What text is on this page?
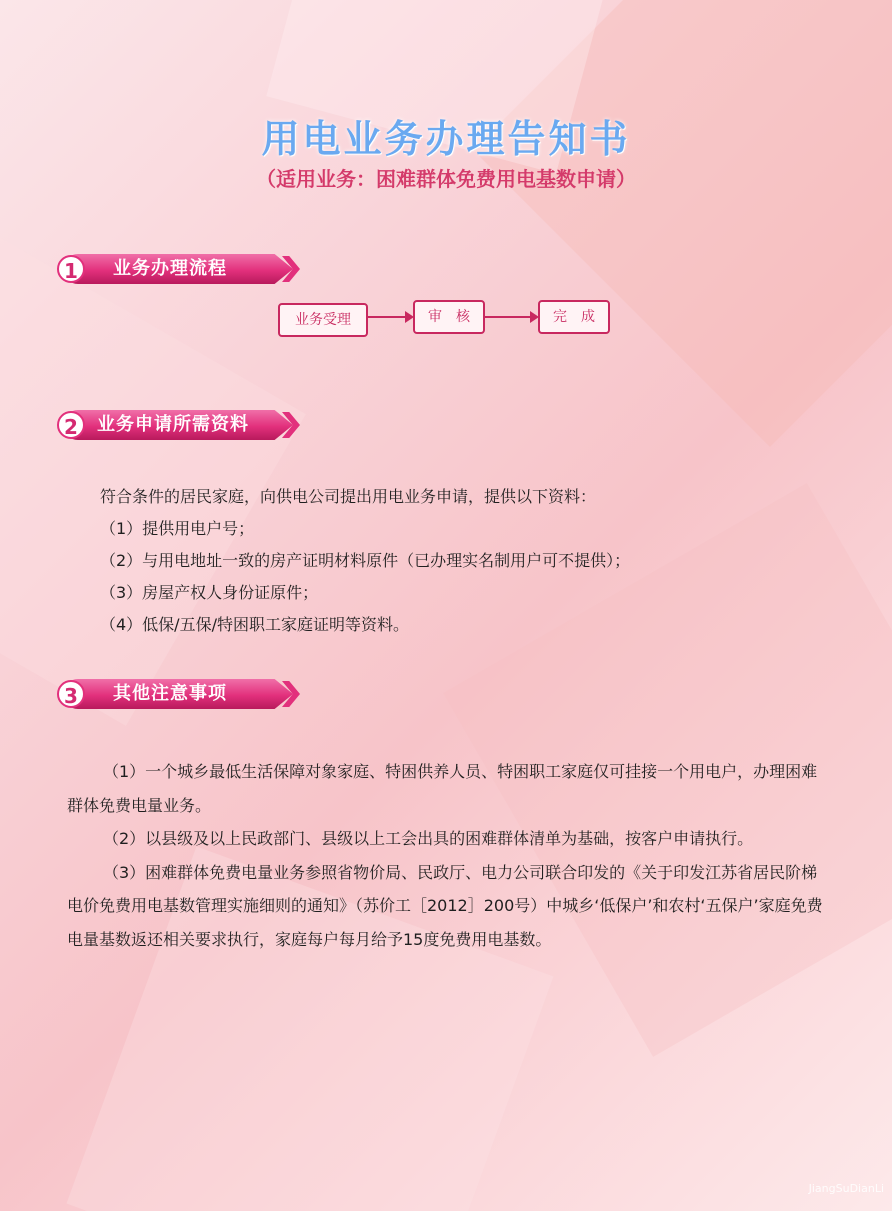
用电业务办理告知书
（适用业务：困难群体免费用电基数申请）
1	业务办理流程
业务受理	审　核	完　成
2	业务申请所需资料

符合条件的居民家庭，向供电公司提出用电业务申请，提供以下资料：

（1）提供用电户号；

（2）与用电地址一致的房产证明材料原件（已办理实名制用户可不提供）；

（3）房屋产权人身份证原件；

（4）低保/五保/特困职工家庭证明等资料。

3	其他注意事项

（1）一个城乡最低生活保障对象家庭、特困供养人员、特困职工家庭仅可挂接一个用电户，办理困难群体免费电量业务。

（2）以县级及以上民政部门、县级以上工会出具的困难群体清单为基础，按客户申请执行。

（3）困难群体免费电量业务参照省物价局、民政厅、电力公司联合印发的《关于印发江苏省居民阶梯电价免费用电基数管理实施细则的通知》（苏价工［2012］200号）中城乡‘低保户’和农村‘五保户’家庭免费电量基数返还相关要求执行，家庭每户每月给予15度免费用电基数。

JiangSuDianLi
